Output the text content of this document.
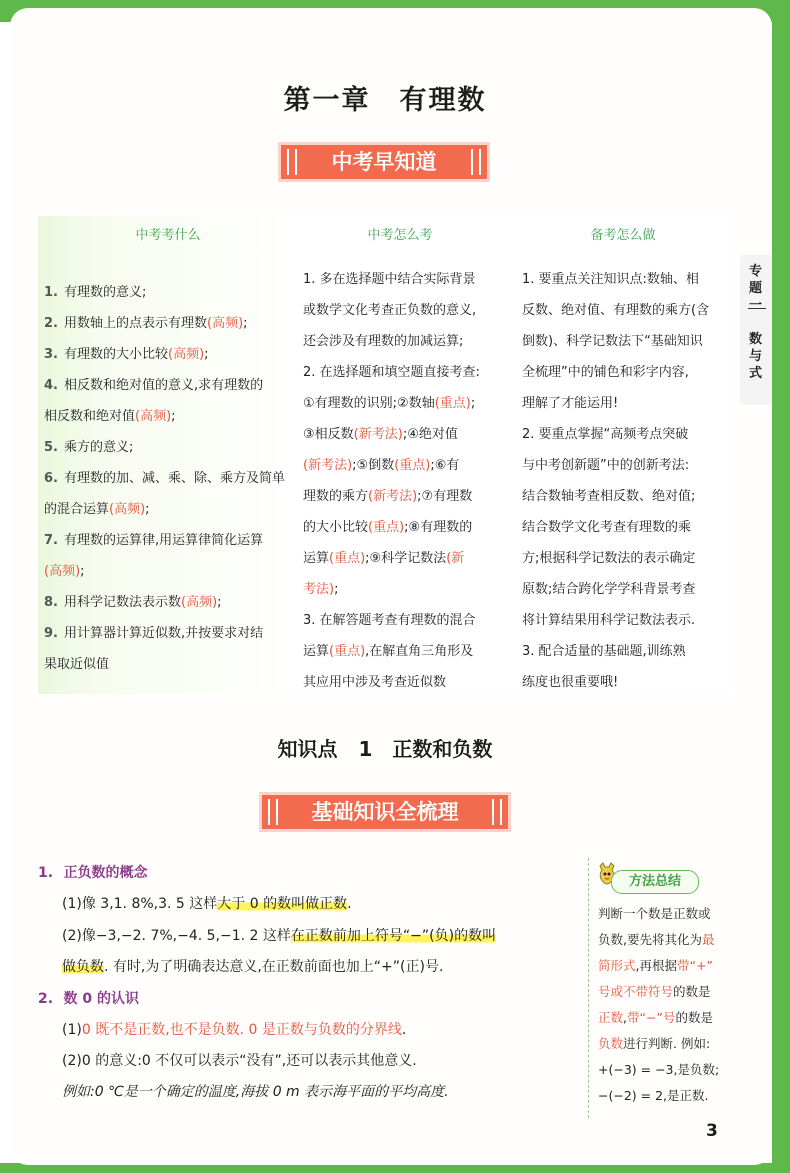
第一章　有理数
中考早知道
中考考什么	中考怎么考	备考怎么做

1. 有理数的意义;

2. 用数轴上的点表示有理数(高频);

3. 有理数的大小比较(高频);

4. 相反数和绝对值的意义,求有理数的

相反数和绝对值(高频);

5. 乘方的意义;

6. 有理数的加、减、乘、除、乘方及简单

的混合运算(高频);

7. 有理数的运算律,用运算律简化运算

(高频);

8. 用科学记数法表示数(高频);

9. 用计算器计算近似数,并按要求对结

果取近似值

1. 多在选择题中结合实际背景

或数学文化考查正负数的意义,

还会涉及有理数的加减运算;

2. 在选择题和填空题直接考查:

①有理数的识别;②数轴(重点);

③相反数(新考法);④绝对值

(新考法);⑤倒数(重点);⑥有

理数的乘方(新考法);⑦有理数

的大小比较(重点);⑧有理数的

运算(重点);⑨科学记数法(新

考法);

3. 在解答题考查有理数的混合

运算(重点),在解直角三角形及

其应用中涉及考查近似数

1. 要重点关注知识点:数轴、相

反数、绝对值、有理数的乘方(含

倒数)、科学记数法下“基础知识

全梳理”中的铺色和彩字内容,

理解了才能运用!

2. 要重点掌握“高频考点突破

与中考创新题”中的创新考法:

结合数轴考查相反数、绝对值;

结合数学文化考查有理数的乘

方;根据科学记数法的表示确定

原数;结合跨化学学科背景考查

将计算结果用科学记数法表示.

3. 配合适量的基础题,训练熟

练度也很重要哦!

专题一
数与式
知识点 1　正数和负数
基础知识全梳理
1. 正负数的概念
(1)像 3,1. 8%,3. 5 这样大于 0 的数叫做正数.
(2)像−3,−2. 7%,−4. 5,−1. 2 这样在正数前加上符号“−”(负)的数叫
做负数. 有时,为了明确表达意义,在正数前面也加上“+”(正)号.
2. 数 0 的认识
(1)0 既不是正数,也不是负数. 0 是正数与负数的分界线.
(2)0 的意义:0 不仅可以表示“没有”,还可以表示其他意义.
例如:0 ℃是一个确定的温度,海拔 0 m 表示海平面的平均高度.
方法总结
判断一个数是正数或
负数,要先将其化为最
简形式,再根据带“+”
号或不带符号的数是
正数,带“−”号的数是
负数进行判断. 例如:
+(−3) = −3,是负数;
−(−2) = 2,是正数.
3
